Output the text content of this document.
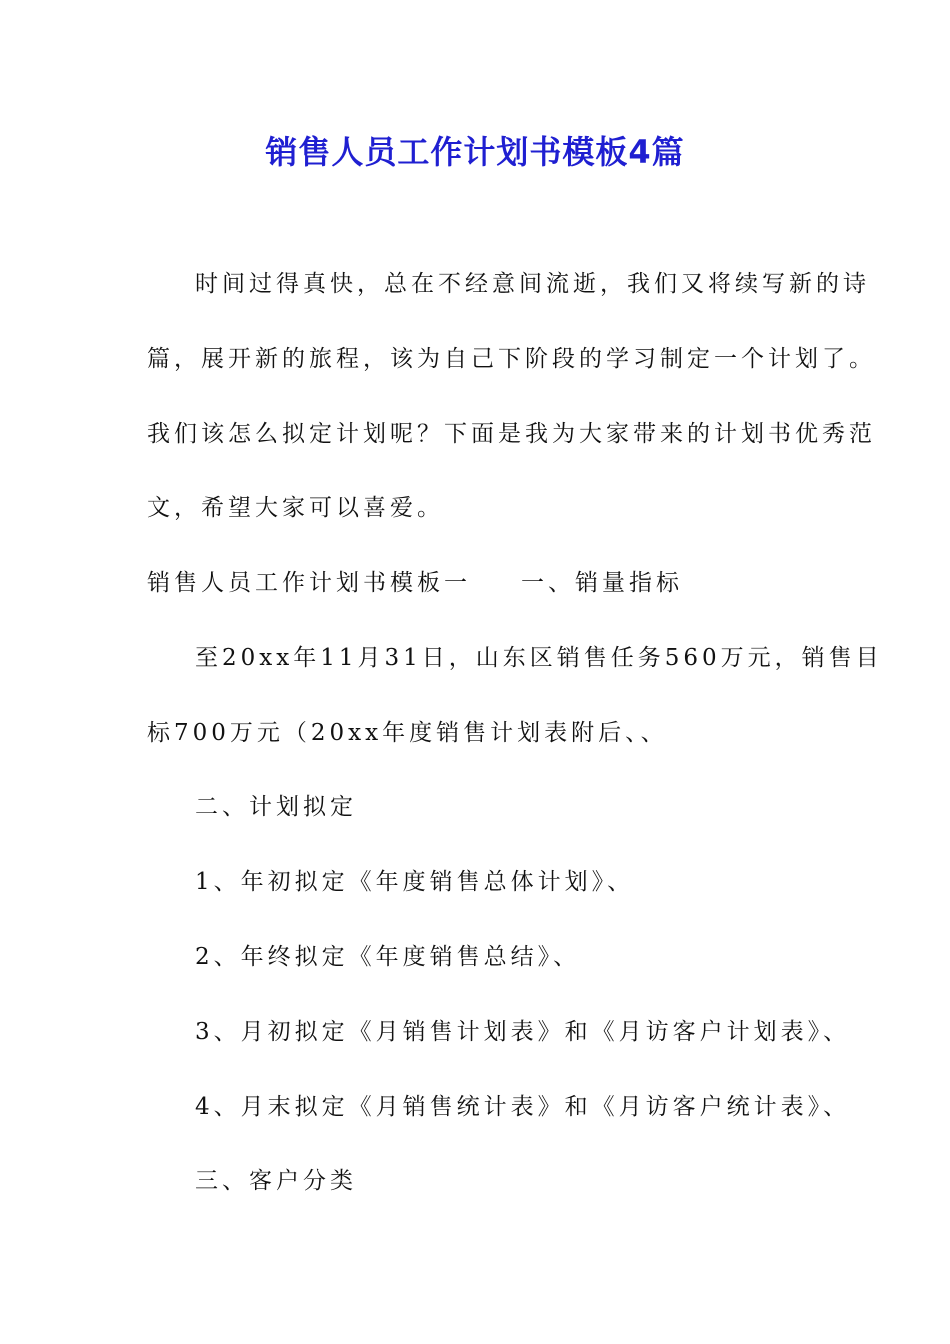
销售人员工作计划书模板4篇
时间过得真快，总在不经意间流逝，我们又将续写新的诗
篇，展开新的旅程，该为自己下阶段的学习制定一个计划了。
我们该怎么拟定计划呢？下面是我为大家带来的计划书优秀范
文，希望大家可以喜爱。
销售人员工作计划书模板一 一、销量指标
至20xx年11月31日，山东区销售任务560万元，销售目
标700万元（20xx年度销售计划表附后、、
二、计划拟定
1、年初拟定《年度销售总体计划》、
2、年终拟定《年度销售总结》、
3、月初拟定《月销售计划表》和《月访客户计划表》、
4、月末拟定《月销售统计表》和《月访客户统计表》、
三、客户分类
